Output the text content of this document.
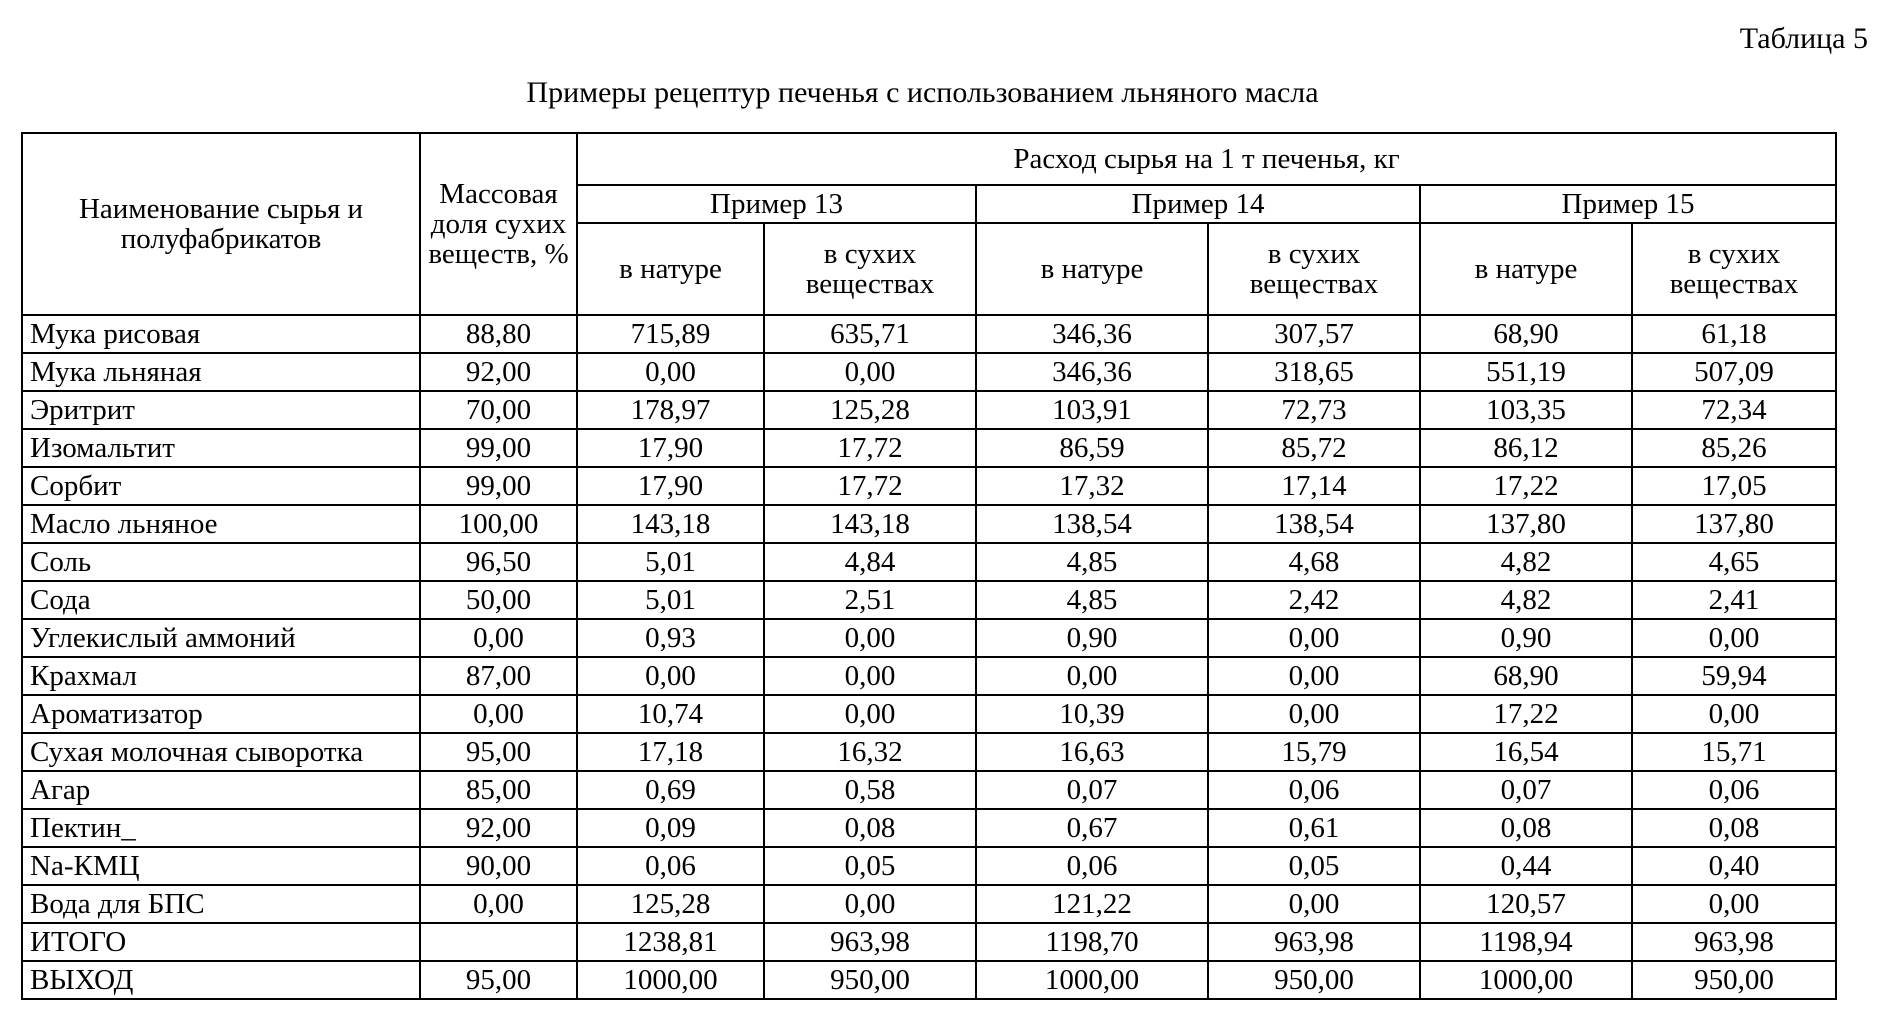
Таблица 5
Примеры рецептур печенья с использованием льняного масла
Наименование сырья и полуфабрикатов	Массовая доля сухих веществ, %	Расход сырья на 1 т печенья, кг					
		Пример 13		Пример 14		Пример 15	
		в натуре	в сухих веществах	в натуре	в сухих веществах	в натуре	в сухих веществах
Мука рисовая	88,80	715,89	635,71	346,36	307,57	68,90	61,18
Мука льняная	92,00	0,00	0,00	346,36	318,65	551,19	507,09
Эритрит	70,00	178,97	125,28	103,91	72,73	103,35	72,34
Изомальтит	99,00	17,90	17,72	86,59	85,72	86,12	85,26
Сорбит	99,00	17,90	17,72	17,32	17,14	17,22	17,05
Масло льняное	100,00	143,18	143,18	138,54	138,54	137,80	137,80
Соль	96,50	5,01	4,84	4,85	4,68	4,82	4,65
Сода	50,00	5,01	2,51	4,85	2,42	4,82	2,41
Углекислый аммоний	0,00	0,93	0,00	0,90	0,00	0,90	0,00
Крахмал	87,00	0,00	0,00	0,00	0,00	68,90	59,94
Ароматизатор	0,00	10,74	0,00	10,39	0,00	17,22	0,00
Сухая молочная сыворотка	95,00	17,18	16,32	16,63	15,79	16,54	15,71
Агар	85,00	0,69	0,58	0,07	0,06	0,07	0,06
Пектин_	92,00	0,09	0,08	0,67	0,61	0,08	0,08
Na-КМЦ	90,00	0,06	0,05	0,06	0,05	0,44	0,40
Вода для БПС	0,00	125,28	0,00	121,22	0,00	120,57	0,00
ИТОГО		1238,81	963,98	1198,70	963,98	1198,94	963,98
ВЫХОД	95,00	1000,00	950,00	1000,00	950,00	1000,00	950,00
